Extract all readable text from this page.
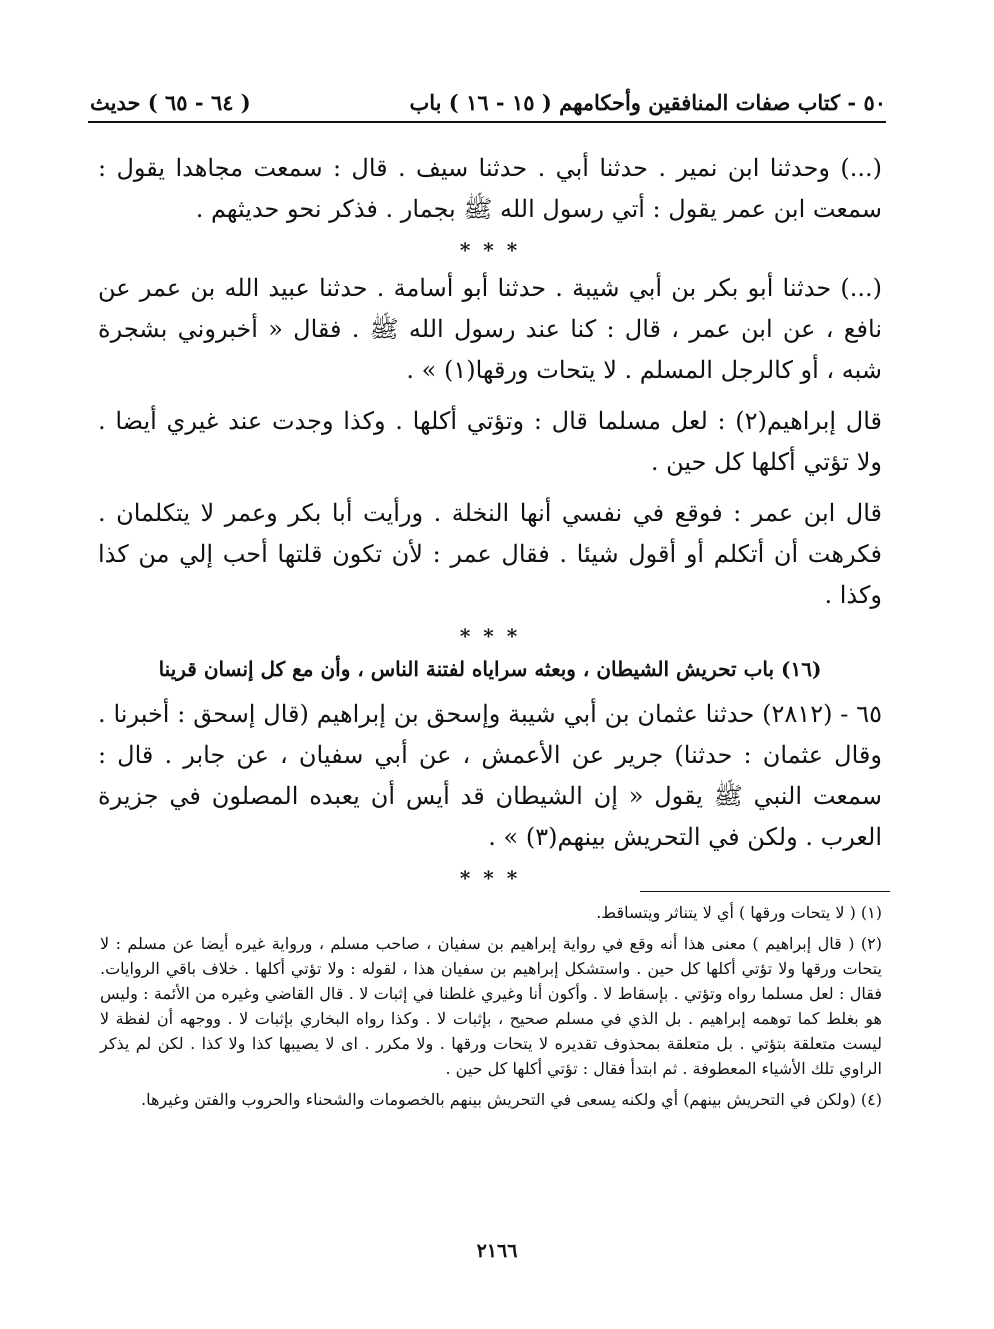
٥٠ - كتاب صفات المنافقين وأحكامهم ( ١٥ - ١٦ ) باب
( ٦٤ - ٦٥ ) حديث

(...) وحدثنا ابن نمير . حدثنا أبي . حدثنا سيف . قال : سمعت مجاهدا يقول : سمعت ابن عمر يقول : أتي رسول الله ﷺ بجمار . فذكر نحو حديثهم .

* * *

(...) حدثنا أبو بكر بن أبي شيبة . حدثنا أبو أسامة . حدثنا عبيد الله بن عمر عن نافع ، عن ابن عمر ، قال : كنا عند رسول الله ﷺ . فقال « أخبروني بشجرة شبه ، أو كالرجل المسلم . لا يتحات ورقها(١) » .

قال إبراهيم(٢) : لعل مسلما قال : وتؤتي أكلها . وكذا وجدت عند غيري أيضا . ولا تؤتي أكلها كل حين .

قال ابن عمر : فوقع في نفسي أنها النخلة . ورأيت أبا بكر وعمر لا يتكلمان . فكرهت أن أتكلم أو أقول شيئا . فقال عمر : لأن تكون قلتها أحب إلي من كذا وكذا .

* * *
(١٦) باب تحريش الشيطان ، وبعثه سراياه لفتنة الناس ، وأن مع كل إنسان قرينا

٦٥ - (٢٨١٢) حدثنا عثمان بن أبي شيبة وإسحق بن إبراهيم (قال إسحق : أخبرنا . وقال عثمان : حدثنا) جرير عن الأعمش ، عن أبي سفيان ، عن جابر . قال : سمعت النبي ﷺ يقول « إن الشيطان قد أيس أن يعبده المصلون في جزيرة العرب . ولكن في التحريش بينهم(٣) » .

* * *

(١) ( لا يتحات ورقها ) أي لا يتناثر ويتساقط.

(٢) ( قال إبراهيم ) معنى هذا أنه وقع في رواية إبراهيم بن سفيان ، صاحب مسلم ، ورواية غيره أيضا عن مسلم : لا يتحات ورقها ولا تؤتي أكلها كل حين . واستشكل إبراهيم بن سفيان هذا ، لقوله : ولا تؤتي أكلها . خلاف باقي الروايات. فقال : لعل مسلما رواه وتؤتي . بإسقاط لا . وأكون أنا وغيري غلطنا في إثبات لا . قال القاضي وغيره من الأئمة : وليس هو بغلط كما توهمه إبراهيم . بل الذي في مسلم صحيح ، بإثبات لا . وكذا رواه البخاري بإثبات لا . ووجهه أن لفظة لا ليست متعلقة بتؤتي . بل متعلقة بمحذوف تقديره لا يتحات ورقها . ولا مكرر . اى لا يصيبها كذا ولا كذا . لكن لم يذكر الراوي تلك الأشياء المعطوفة . ثم ابتدأ فقال : تؤتي أكلها كل حين .

(٤) (ولكن في التحريش بينهم) أي ولكنه يسعى في التحريش بينهم بالخصومات والشحناء والحروب والفتن وغيرها.

٢١٦٦
